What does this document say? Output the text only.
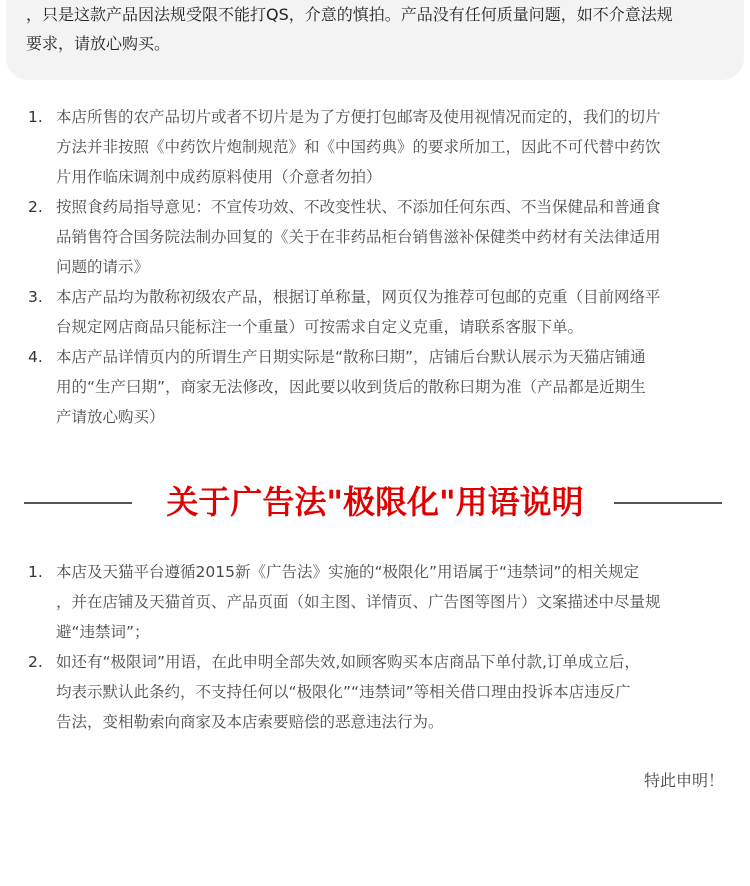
，只是这款产品因法规受限不能打QS，介意的慎拍。产品没有任何质量问题，如不介意法规
要求，请放心购买。
1. 本店所售的农产品切片或者不切片是为了方便打包邮寄及使用视情况而定的，我们的切片
方法并非按照《中药饮片炮制规范》和《中国药典》的要求所加工，因此不可代替中药饮
片用作临床调剂中成药原料使用（介意者勿拍）
2. 按照食药局指导意见：不宣传功效、不改变性状、不添加任何东西、不当保健品和普通食
品销售符合国务院法制办回复的《关于在非药品柜台销售滋补保健类中药材有关法律适用
问题的请示》
3. 本店产品均为散称初级农产品，根据订单称量，网页仅为推荐可包邮的克重（目前网络平
台规定网店商品只能标注一个重量）可按需求自定义克重，请联系客服下单。
4. 本店产品详情页内的所谓生产日期实际是“散称曰期”，店铺后台默认展示为天猫店铺通
用的“生产曰期”，商家无法修改，因此要以收到货后的散称曰期为准（产品都是近期生
产请放心购买）
关于广告法"极限化"用语说明
1. 本店及天猫平台遵循2015新《广告法》实施的“极限化”用语属于“违禁词”的相关规定
，并在店铺及天猫首页、产品页面（如主图、详情页、广告图等图片）文案描述中尽量规
避“违禁词”；
2. 如还有“极限词”用语，在此申明全部失效,如顾客购买本店商品下单付款,订单成立后，
均表示默认此条约，不支持任何以“极限化”“违禁词”等相关借口理由投诉本店违反广
告法，变相勒索向商家及本店索要赔偿的恶意违法行为。
特此申明！
